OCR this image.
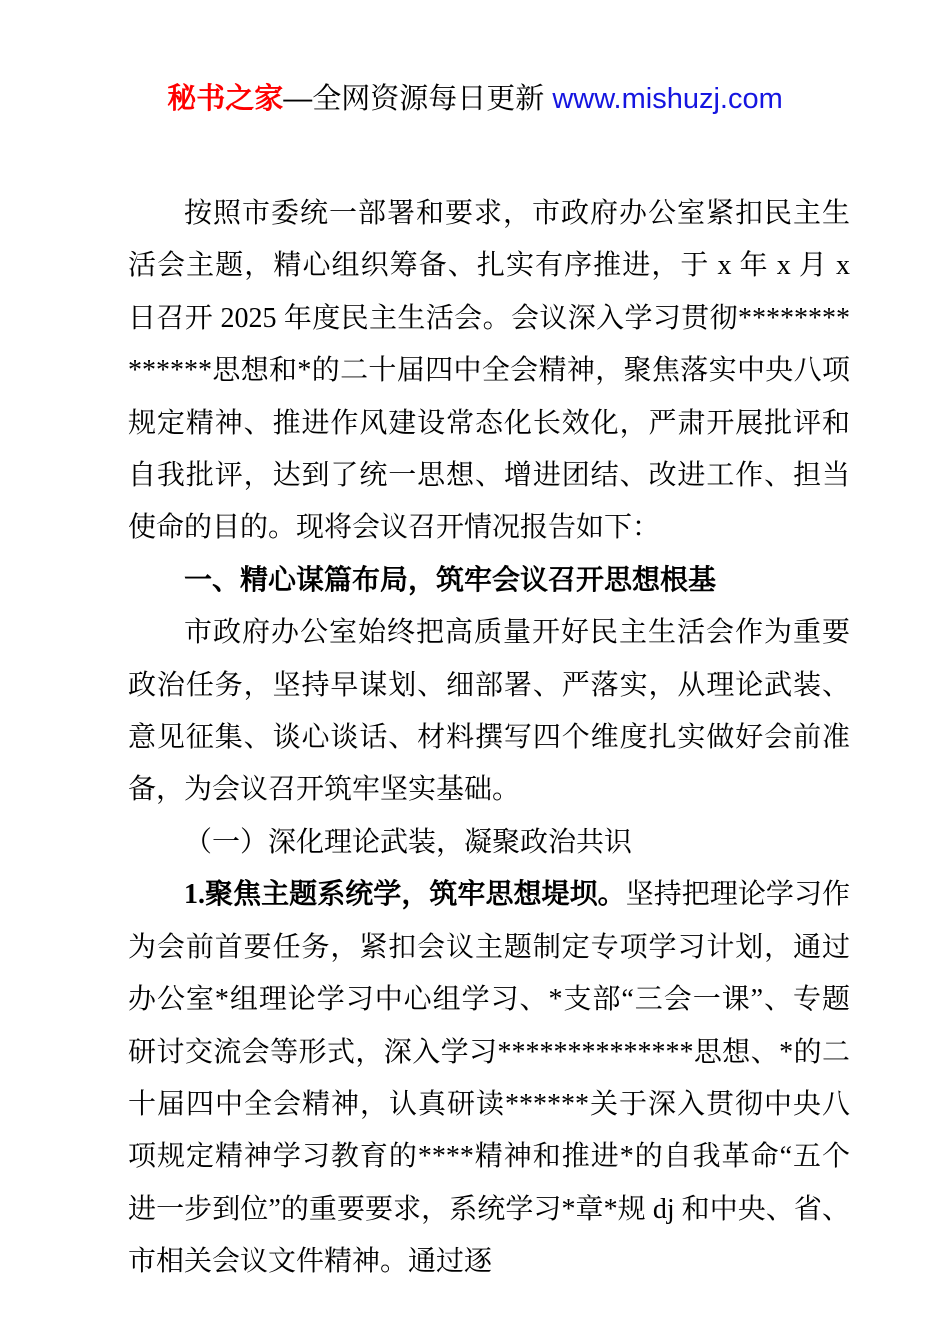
秘书之家—全网资源每日更新 www.mishuzj.com

按照市委统一部署和要求，市政府办公室紧扣民主生活会主题，精心组织筹备、扎实有序推进，于 x 年 x 月 x 日召开 2025 年度民主生活会。会议深入学习贯彻**************思想和*的二十届四中全会精神，聚焦落实中央八项规定精神、推进作风建设常态化长效化，严肃开展批评和自我批评，达到了统一思想、增进团结、改进工作、担当使命的目的。现将会议召开情况报告如下：

一、精心谋篇布局，筑牢会议召开思想根基

市政府办公室始终把高质量开好民主生活会作为重要政治任务，坚持早谋划、细部署、严落实，从理论武装、意见征集、谈心谈话、材料撰写四个维度扎实做好会前准备，为会议召开筑牢坚实基础。

（一）深化理论武装，凝聚政治共识

1.聚焦主题系统学，筑牢思想堤坝。坚持把理论学习作为会前首要任务，紧扣会议主题制定专项学习计划，通过办公室*组理论学习中心组学习、*支部“三会一课”、专题研讨交流会等形式，深入学习**************思想、*的二十届四中全会精神，认真研读******关于深入贯彻中央八项规定精神学习教育的****精神和推进*的自我革命“五个进一步到位”的重要要求，系统学习*章*规 dj 和中央、省、市相关会议文件精神。通过逐
